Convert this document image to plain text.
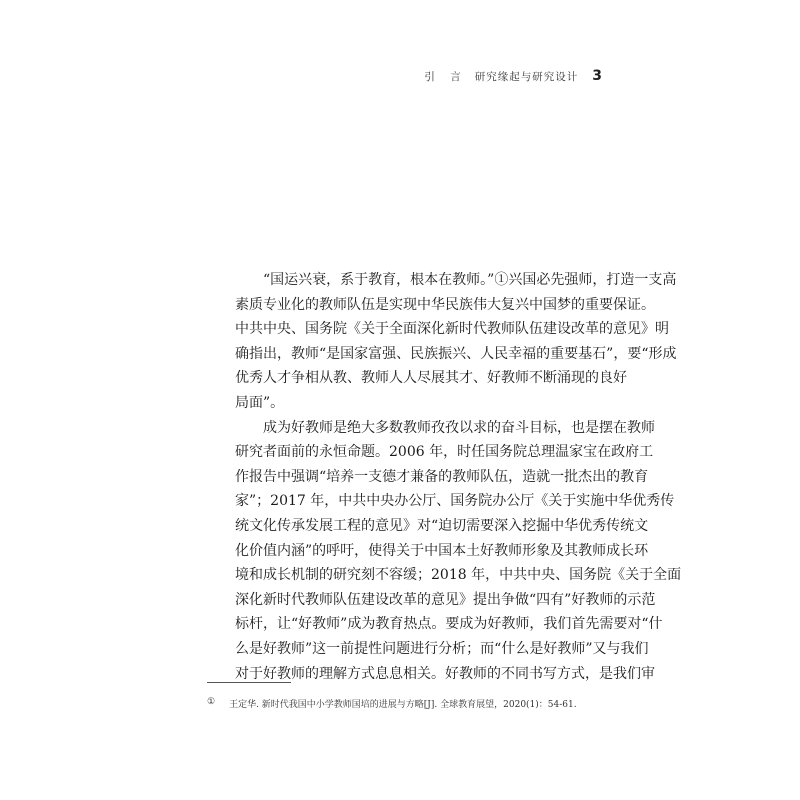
引 言 研究缘起与研究设计 3
“国运兴衰，系于教育，根本在教师。”①兴国必先强师，打造一支高
素质专业化的教师队伍是实现中华民族伟大复兴中国梦的重要保证。
中共中央、国务院《关于全面深化新时代教师队伍建设改革的意见》明
确指出，教师“是国家富强、民族振兴、人民幸福的重要基石”，要“形成
优秀人才争相从教、教师人人尽展其才、好教师不断涌现的良好
局面”。
成为好教师是绝大多数教师孜孜以求的奋斗目标，也是摆在教师
研究者面前的永恒命题。2006 年，时任国务院总理温家宝在政府工
作报告中强调“培养一支德才兼备的教师队伍，造就一批杰出的教育
家”；2017 年，中共中央办公厅、国务院办公厅《关于实施中华优秀传
统文化传承发展工程的意见》对“迫切需要深入挖掘中华优秀传统文
化价值内涵”的呼吁，使得关于中国本土好教师形象及其教师成长环
境和成长机制的研究刻不容缓；2018 年，中共中央、国务院《关于全面
深化新时代教师队伍建设改革的意见》提出争做“四有”好教师的示范
标杆，让“好教师”成为教育热点。要成为好教师，我们首先需要对“什
么是好教师”这一前提性问题进行分析；而“什么是好教师”又与我们
对于好教师的理解方式息息相关。好教师的不同书写方式，是我们审
① 王定华. 新时代我国中小学教师国培的进展与方略[J]. 全球教育展望，2020(1)：54-61.
